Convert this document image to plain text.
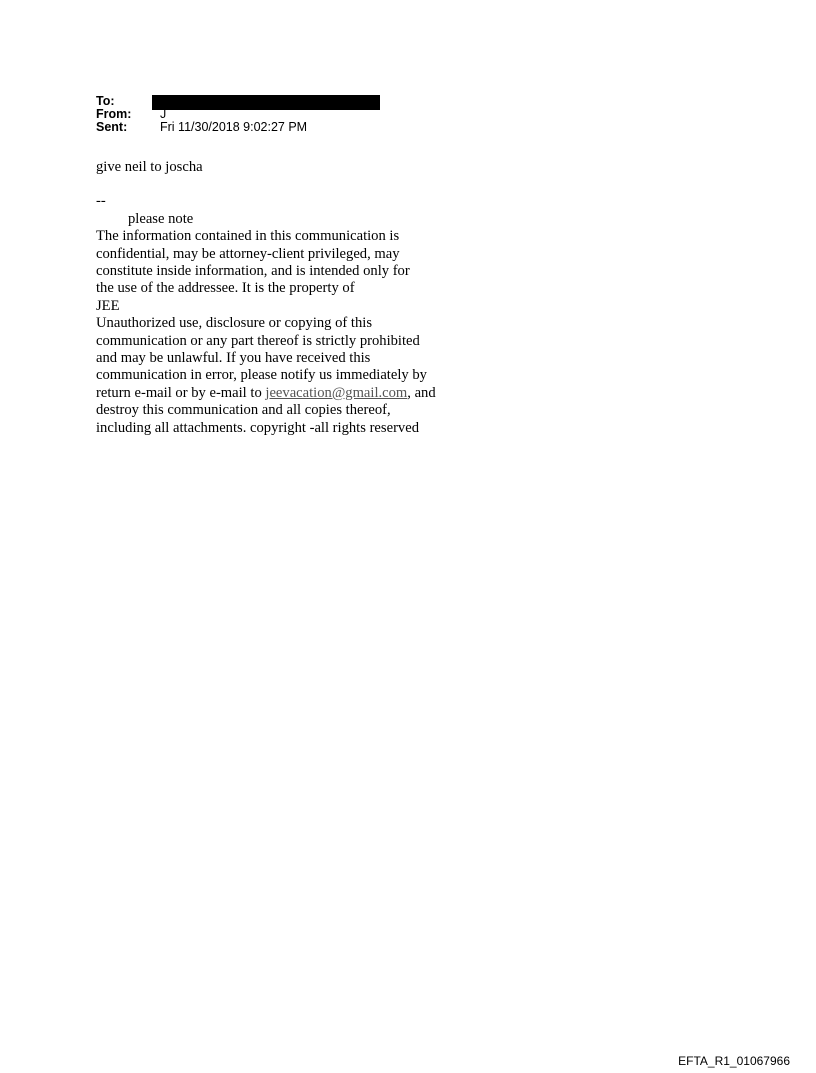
To:
From:	J
Sent:	Fri 11/30/2018 9:02:27 PM

give neil to joscha

--

please note

The information contained in this communication is

confidential, may be attorney-client privileged, may

constitute inside information, and is intended only for

the use of the addressee. It is the property of

JEE

Unauthorized use, disclosure or copying of this

communication or any part thereof is strictly prohibited

and may be unlawful. If you have received this

communication in error, please notify us immediately by

return e-mail or by e-mail to jeevacation@gmail.com, and

destroy this communication and all copies thereof,

including all attachments. copyright -all rights reserved

EFTA_R1_01067966
